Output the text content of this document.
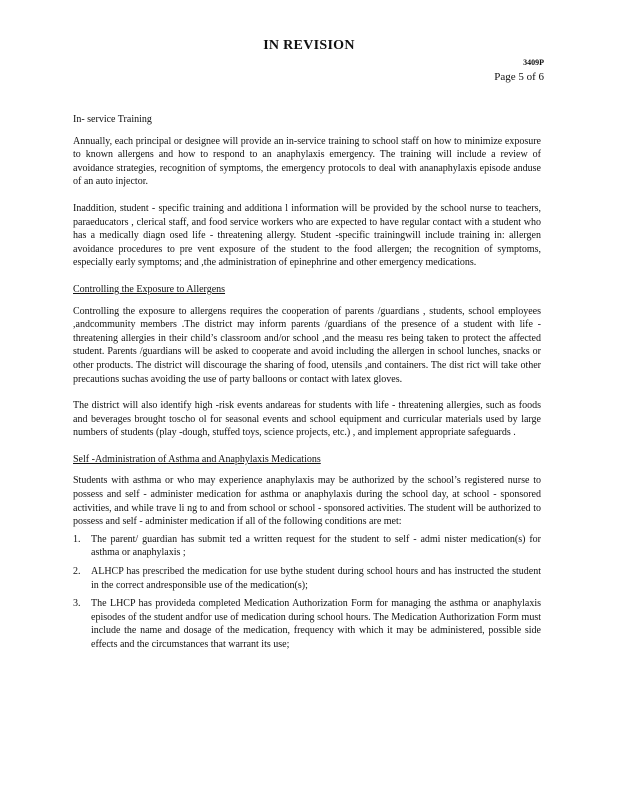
IN REVISION
3409P
Page 5 of 6
In- service Training

Annually, each principal or designee will provide an in-service training to school staff on how to minimize exposure to known allergens and how to respond to an anaphylaxis emergency. The training will include a review of avoidance strategies, recognition of symptoms, the emergency protocols to deal with ananaphylaxis episode anduse of an auto injector.

Inaddition, student - specific training and additiona l information will be provided by the school nurse to teachers, paraeducators , clerical staff, and food service workers who are expected to have regular contact with a student who has a medically diagn osed life - threatening allergy. Student -specific trainingwill include training in: allergen avoidance procedures to pre vent exposure of the student to the food allergen; the recognition of symptoms, especially early symptoms; and ,the administration of epinephrine and other emergency medications.

Controlling the Exposure to Allergens

Controlling the exposure to allergens requires the cooperation of parents /guardians , students, school employees ,andcommunity members .The district may inform parents /guardians of the presence of a student with life - threatening allergies in their child’s classroom and/or school ,and the measu res being taken to protect the affected student. Parents /guardians will be asked to cooperate and avoid including the allergen in school lunches, snacks or other products. The district will discourage the sharing of food, utensils ,and containers. The dist rict will take other precautions suchas avoiding the use of party balloons or contact with latex gloves.

The district will also identify high -risk events andareas for students with life - threatening allergies, such as foods and beverages brought toscho ol for seasonal events and school equipment and curricular materials used by large numbers of students (play -dough, stuffed toys, science projects, etc.) , and implement appropriate safeguards .

Self -Administration of Asthma and Anaphylaxis Medications

Students with asthma or who may experience anaphylaxis may be authorized by the school’s registered nurse to possess and self - administer medication for asthma or anaphylaxis during the school day, at school - sponsored activities, and while trave li ng to and from school or school - sponsored activities. The student will be authorized to possess and self - administer medication if all of the following conditions are met:

1. The parent/ guardian has submit ted a written request for the student to self - admi nister medication(s) for asthma or anaphylaxis ;
2. ALHCP has prescribed the medication for use bythe student during school hours and has instructed the student in the correct andresponsible use of the medication(s);
3. The LHCP has provideda completed Medication Authorization Form for managing the asthma or anaphylaxis episodes of the student andfor use of medication during school hours. The Medication Authorization Form must include the name and dosage of the medication, frequency with which it may be administered, possible side effects and the circumstances that warrant its use;
